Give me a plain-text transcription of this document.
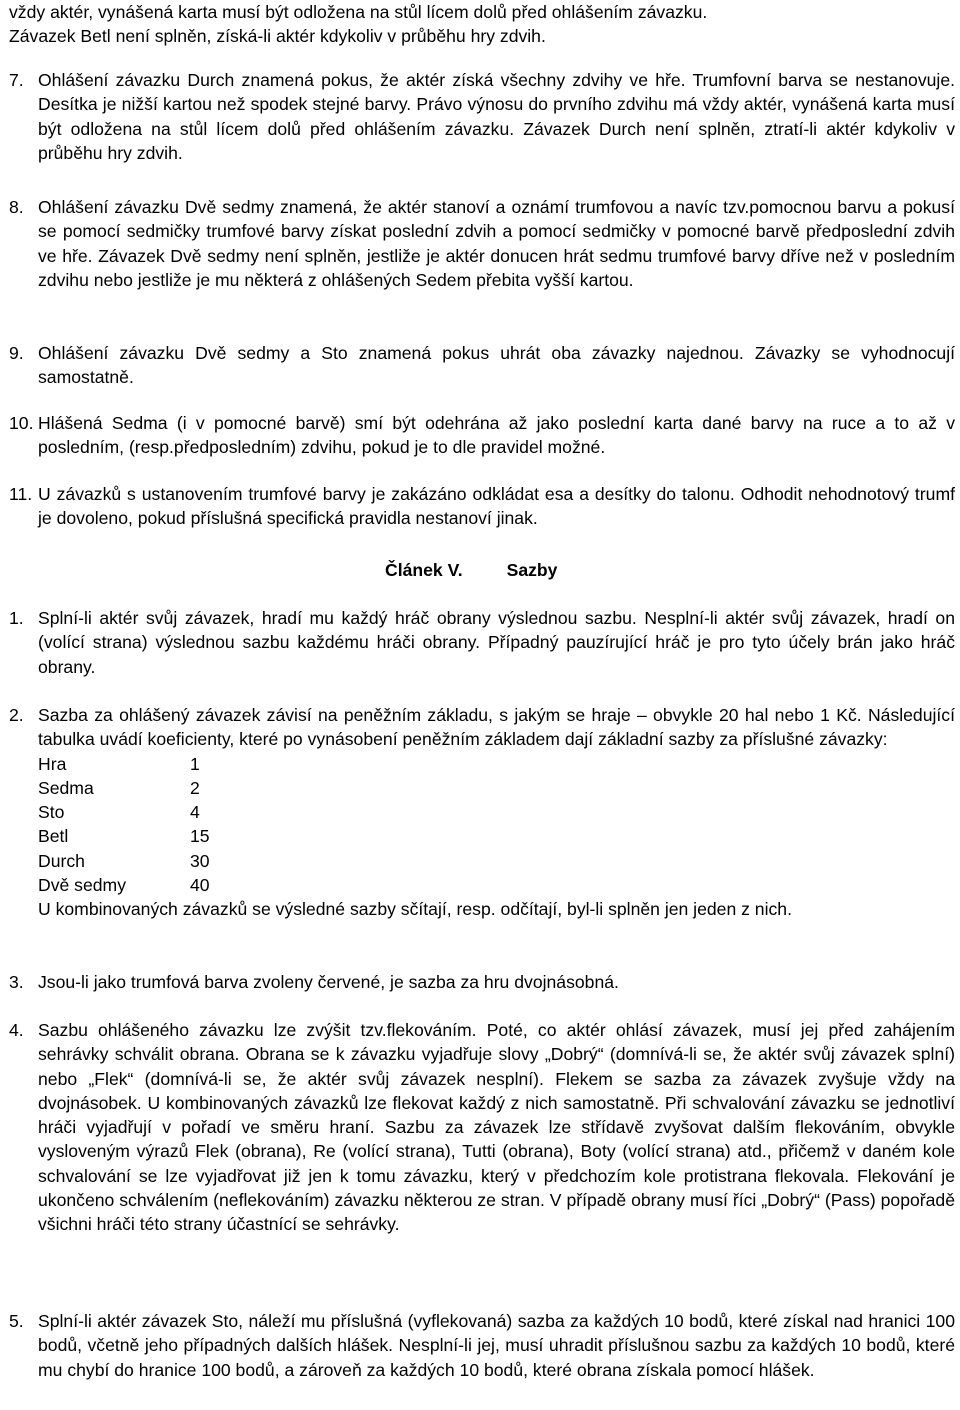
vždy aktér, vynášená karta musí být odložena na stůl lícem dolů před ohlášením závazku.
Závazek Betl není splněn, získá-li aktér kdykoliv v průběhu hry zdvih.
7. Ohlášení závazku Durch znamená pokus, že aktér získá všechny zdvihy ve hře. Trumfovní barva se nestanovuje. Desítka je nižší kartou než spodek stejné barvy. Právo výnosu do prvního zdvihu má vždy aktér, vynášená karta musí být odložena na stůl lícem dolů před ohlášením závazku. Závazek Durch není splněn, ztratí-li aktér kdykoliv v průběhu hry zdvih.
8. Ohlášení závazku Dvě sedmy znamená, že aktér stanoví a oznámí trumfovou a navíc tzv.pomocnou barvu a pokusí se pomocí sedmičky trumfové barvy získat poslední zdvih a pomocí sedmičky v pomocné barvě předposlední zdvih ve hře. Závazek Dvě sedmy není splněn, jestliže je aktér donucen hrát sedmu trumfové barvy dříve než v posledním zdvihu nebo jestliže je mu některá z ohlášených Sedem přebita vyšší kartou.
9. Ohlášení závazku Dvě sedmy a Sto znamená pokus uhrát oba závazky najednou. Závazky se vyhodnocují samostatně.
10. Hlášená Sedma (i v pomocné barvě) smí být odehrána až jako poslední karta dané barvy na ruce a to až v posledním, (resp.předposledním) zdvihu, pokud je to dle pravidel možné.
11. U závazků s ustanovením trumfové barvy je zakázáno odkládat esa a desítky do talonu. Odhodit nehodnotový trumf je dovoleno, pokud příslušná specifická pravidla nestanoví jinak.
Článek V.	Sazby
1. Splní-li aktér svůj závazek, hradí mu každý hráč obrany výslednou sazbu. Nesplní-li aktér svůj závazek, hradí on (volící strana) výslednou sazbu každému hráči obrany. Případný pauzírující hráč je pro tyto účely brán jako hráč obrany.
2. Sazba za ohlášený závazek závisí na peněžním základu, s jakým se hraje – obvykle 20 hal nebo 1 Kč. Následující tabulka uvádí koeficienty, které po vynásobení peněžním základem dají základní sazby za příslušné závazky:
Hra	1
Sedma	2
Sto	4
Betl	15
Durch	30
Dvě sedmy	40
U kombinovaných závazků se výsledné sazby sčítají, resp. odčítají, byl-li splněn jen jeden z nich.
3. Jsou-li jako trumfová barva zvoleny červené, je sazba za hru dvojnásobná.
4. Sazbu ohlášeného závazku lze zvýšit tzv.flekováním. Poté, co aktér ohlásí závazek, musí jej před zahájením sehrávky schválit obrana. Obrana se k závazku vyjadřuje slovy „Dobrý“ (domnívá-li se, že aktér svůj závazek splní) nebo „Flek“ (domnívá-li se, že aktér svůj závazek nesplní). Flekem se sazba za závazek zvyšuje vždy na dvojnásobek. U kombinovaných závazků lze flekovat každý z nich samostatně. Při schvalování závazku se jednotliví hráči vyjadřují v pořadí ve směru hraní. Sazbu za závazek lze střídavě zvyšovat dalším flekováním, obvykle vysloveným výrazů Flek (obrana), Re (volící strana), Tutti (obrana), Boty (volící strana) atd., přičemž v daném kole schvalování se lze vyjadřovat již jen k tomu závazku, který v předchozím kole protistrana flekovala. Flekování je ukončeno schválením (neflekováním) závazku některou ze stran. V případě obrany musí říci „Dobrý“ (Pass) popořadě všichni hráči této strany účastnící se sehrávky.
5. Splní-li aktér závazek Sto, náleží mu příslušná (vyflekovaná) sazba za každých 10 bodů, které získal nad hranici 100 bodů, včetně jeho případných dalších hlášek. Nesplní-li jej, musí uhradit příslušnou sazbu za každých 10 bodů, které mu chybí do hranice 100 bodů, a zároveň za každých 10 bodů, které obrana získala pomocí hlášek.
